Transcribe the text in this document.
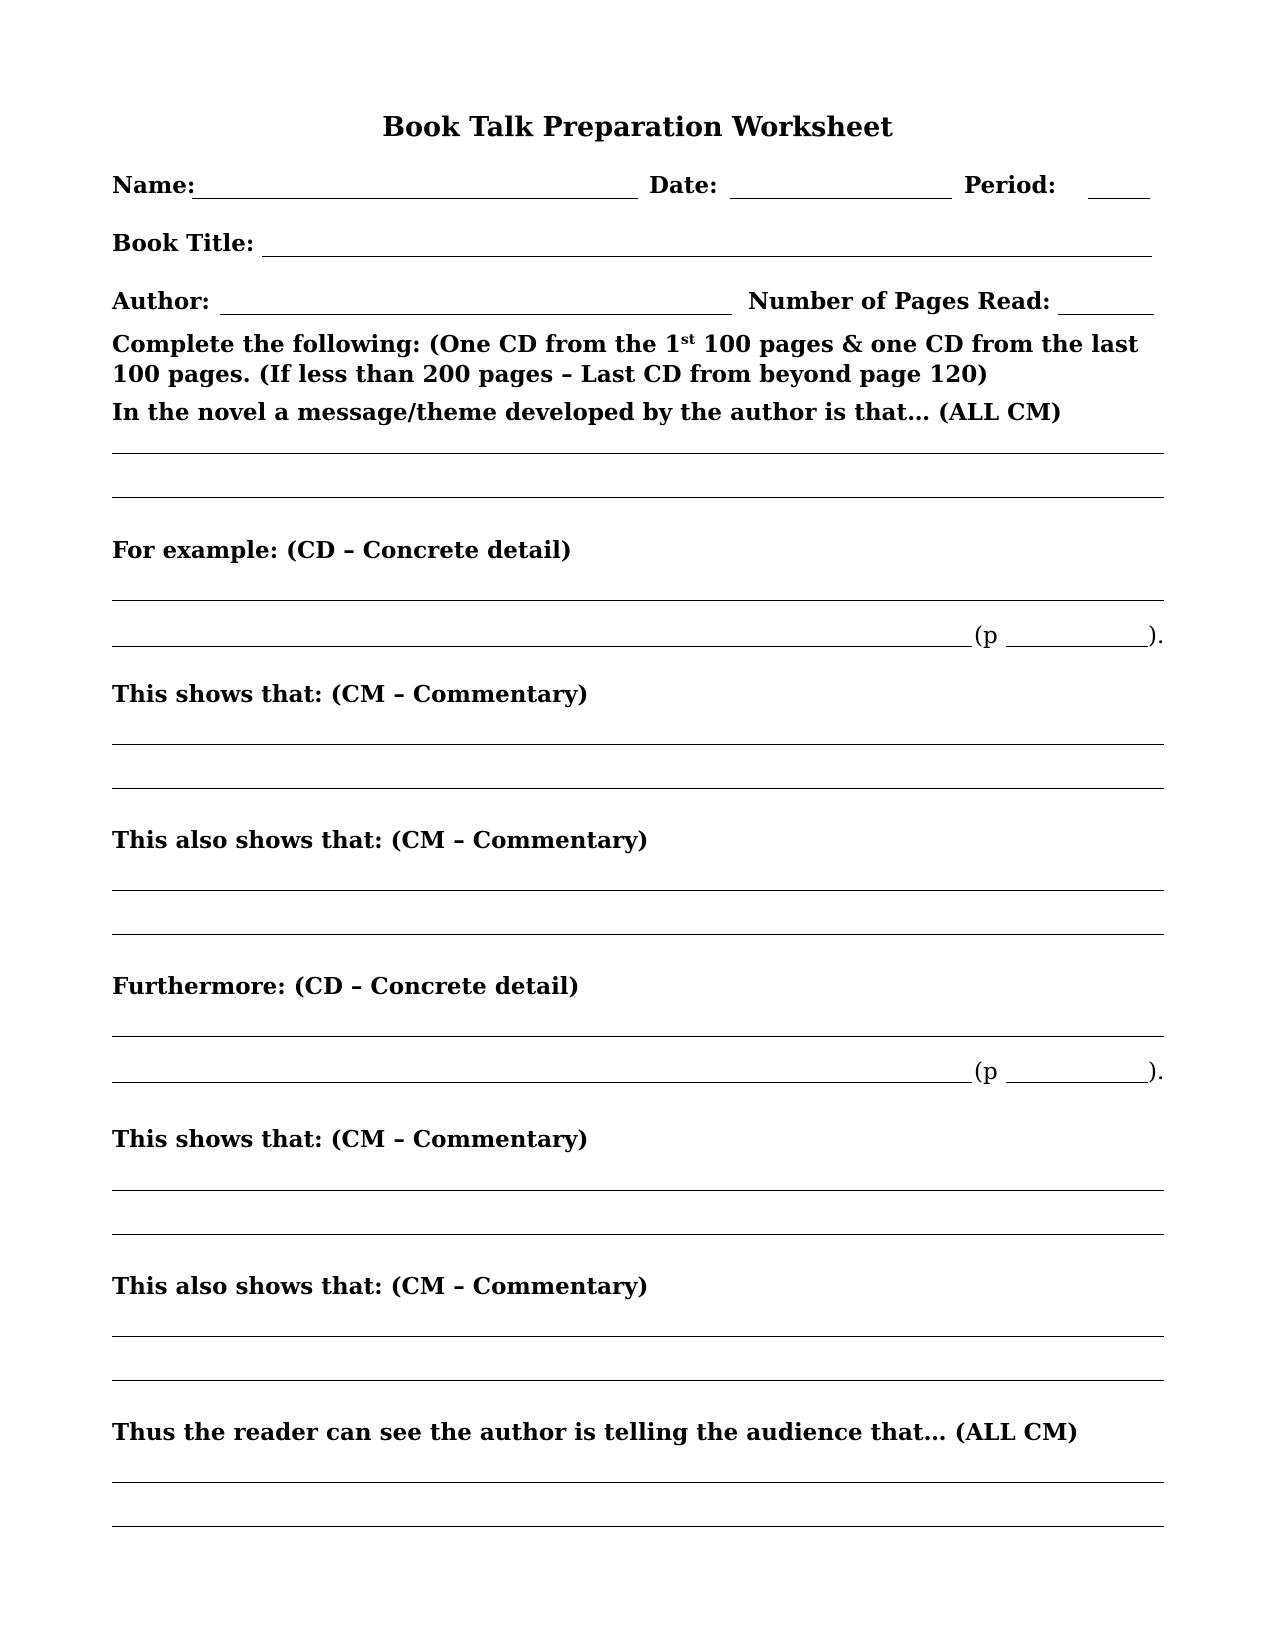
Book Talk Preparation Worksheet
Name:	Date:	Period:
Book Title:
Author:	Number of Pages Read:
Complete the following: (One CD from the 1st 100 pages & one CD from the last
100 pages. (If less than 200 pages – Last CD from beyond page 120)
In the novel a message/theme developed by the author is that… (ALL CM)
For example: (CD – Concrete detail)
(p	).
This shows that: (CM – Commentary)
This also shows that: (CM – Commentary)
Furthermore: (CD – Concrete detail)
(p	).
This shows that: (CM – Commentary)
This also shows that: (CM – Commentary)
Thus the reader can see the author is telling the audience that… (ALL CM)
